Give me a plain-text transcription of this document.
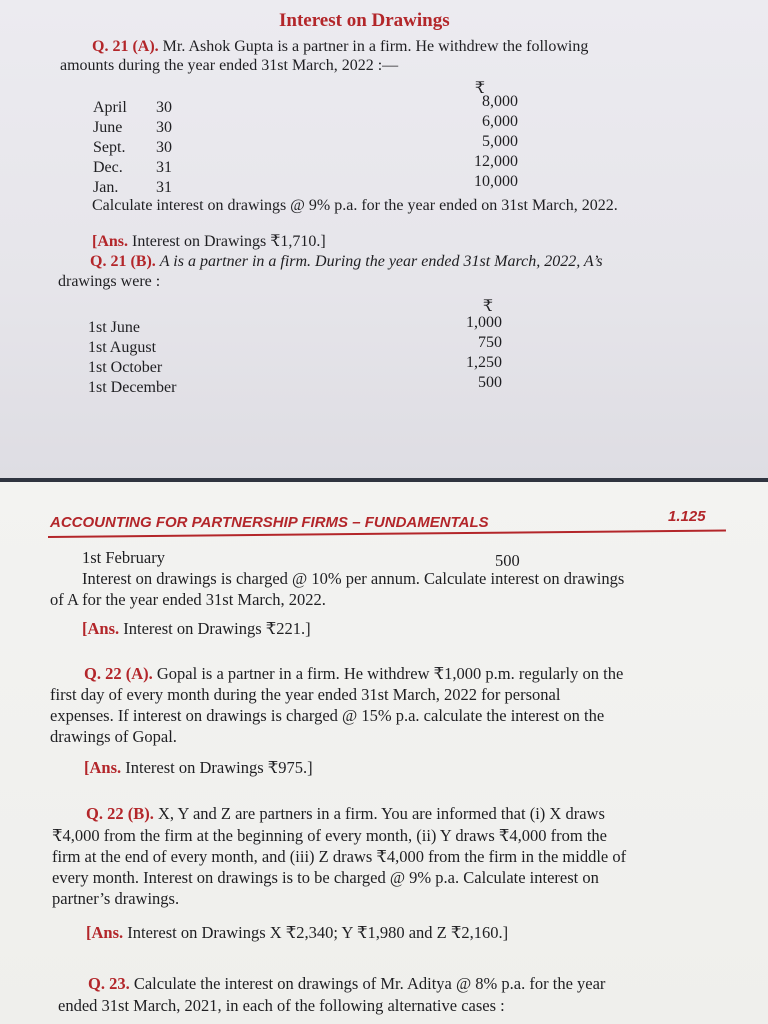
Interest on Drawings
Q. 21 (A). Mr. Ashok Gupta is a partner in a firm. He withdrew the following
amounts during the year ended 31st March, 2022 :—
₹
April 30	8,000
June 30	6,000
Sept. 30	5,000
Dec. 31	12,000
Jan. 31	10,000
Calculate interest on drawings @ 9% p.a. for the year ended on 31st March, 2022.
[Ans. Interest on Drawings ₹1,710.]
Q. 21 (B). A is a partner in a firm. During the year ended 31st March, 2022, A’s
drawings were :
₹
1st June	1,000
1st August	750
1st October	1,250
1st December	500
ACCOUNTING FOR PARTNERSHIP FIRMS – FUNDAMENTALS	1.125
1st February	500
Interest on drawings is charged @ 10% per annum. Calculate interest on drawings
of A for the year ended 31st March, 2022.
[Ans. Interest on Drawings ₹221.]
Q. 22 (A). Gopal is a partner in a firm. He withdrew ₹1,000 p.m. regularly on the
first day of every month during the year ended 31st March, 2022 for personal
expenses. If interest on drawings is charged @ 15% p.a. calculate the interest on the
drawings of Gopal.
[Ans. Interest on Drawings ₹975.]
Q. 22 (B). X, Y and Z are partners in a firm. You are informed that (i) X draws
₹4,000 from the firm at the beginning of every month, (ii) Y draws ₹4,000 from the
firm at the end of every month, and (iii) Z draws ₹4,000 from the firm in the middle of
every month. Interest on drawings is to be charged @ 9% p.a. Calculate interest on
partner’s drawings.
[Ans. Interest on Drawings X ₹2,340; Y ₹1,980 and Z ₹2,160.]
Q. 23. Calculate the interest on drawings of Mr. Aditya @ 8% p.a. for the year
ended 31st March, 2021, in each of the following alternative cases :
